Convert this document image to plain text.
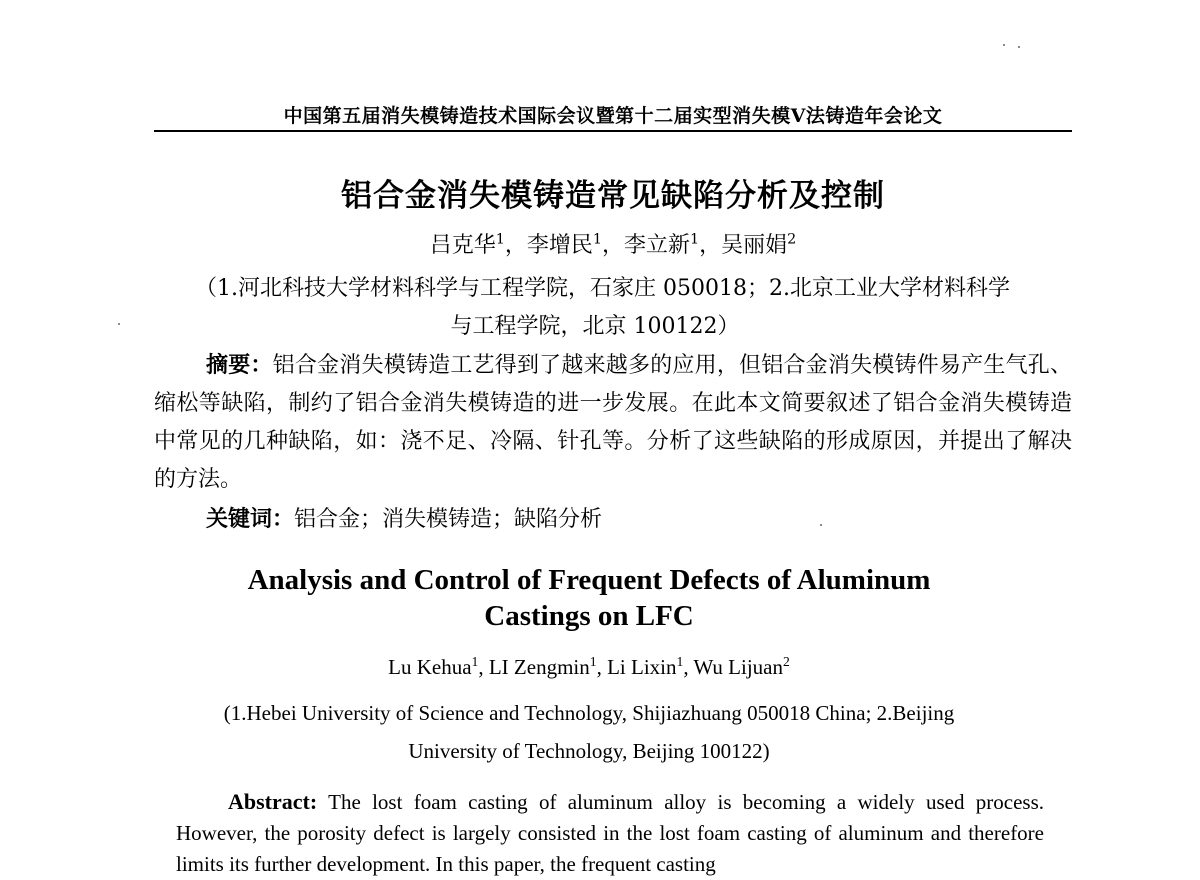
中国第五届消失模铸造技术国际会议暨第十二届实型消失模V法铸造年会论文
铝合金消失模铸造常见缺陷分析及控制
吕克华$^1$，李增民$^1$，李立新$^1$，吴丽娟$^2$
（1.河北科技大学材料科学与工程学院，石家庄 050018；2.北京工业大学材料科学
与工程学院，北京 100122）
摘要：铝合金消失模铸造工艺得到了越来越多的应用，但铝合金消失模铸件易产生气孔、缩松等缺陷，制约了铝合金消失模铸造的进一步发展。在此本文简要叙述了铝合金消失模铸造中常见的几种缺陷，如：浇不足、冷隔、针孔等。分析了这些缺陷的形成原因，并提出了解决的方法。
关键词：铝合金；消失模铸造；缺陷分析
Analysis and Control of Frequent Defects of Aluminum
Castings on LFC
Lu Kehua$^1$, LI Zengmin$^1$, Li Lixin$^1$, Wu Lijuan$^2$
(1.Hebei University of Science and Technology, Shijiazhuang 050018 China; 2.Beijing
University of Technology, Beijing 100122)
Abstract: The lost foam casting of aluminum alloy is becoming a widely used process. However, the porosity defect is largely consisted in the lost foam casting of aluminum and therefore limits its further development. In this paper, the frequent casting
